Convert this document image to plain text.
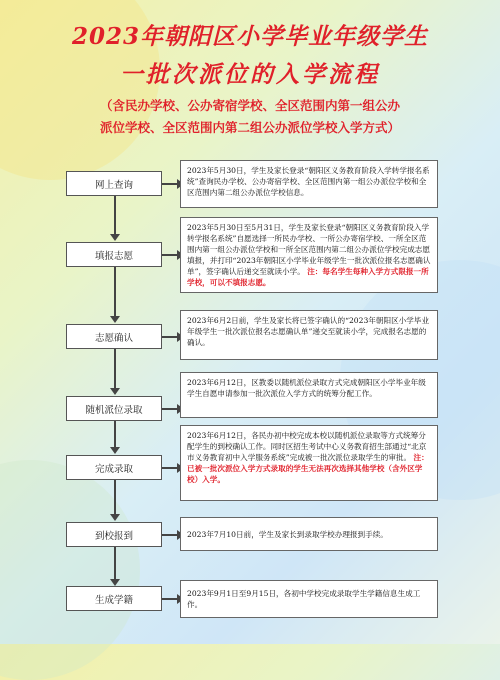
2023年朝阳区小学毕业年级学生
一批次派位的入学流程
（含民办学校、公办寄宿学校、全区范围内第一组公办
派位学校、全区范围内第二组公办派位学校入学方式）
网上查询
2023年5月30日，学生及家长登录“朝阳区义务教育阶段入学转学报名系统”查询民办学校、公办寄宿学校、全区范围内第一组公办派位学校和全区范围内第二组公办派位学校信息。
填报志愿
2023年5月30日至5月31日，学生及家长登录“朝阳区义务教育阶段入学转学报名系统”自愿选择一所民办学校、一所公办寄宿学校、一所全区范围内第一组公办派位学校和一所全区范围内第二组公办派位学校完成志愿填报，并打印“2023年朝阳区小学毕业年级学生一批次派位报名志愿确认单”，签字确认后递交至就读小学。 注：每名学生每种入学方式限报一所学校，可以不填报志愿。
志愿确认
2023年6月2日前，学生及家长将已签字确认的“2023年朝阳区小学毕业年级学生一批次派位报名志愿确认单”递交至就读小学，完成报名志愿的确认。
随机派位录取
2023年6月12日，区教委以随机派位录取方式完成朝阳区小学毕业年级学生自愿申请参加一批次派位入学方式的统筹分配工作。
完成录取
2023年6月12日，各民办初中校完成本校以随机派位录取等方式统筹分配学生的到校确认工作。同时区招生考试中心义务教育招生部通过“北京市义务教育初中入学服务系统”完成被一批次派位录取学生的审批。 注：已被一批次派位入学方式录取的学生无法再次选择其他学校（含外区学校）入学。
到校报到	2023年7月10日前，学生及家长到录取学校办理报到手续。
生成学籍
2023年9月1日至9月15日，各初中学校完成录取学生学籍信息生成工作。
